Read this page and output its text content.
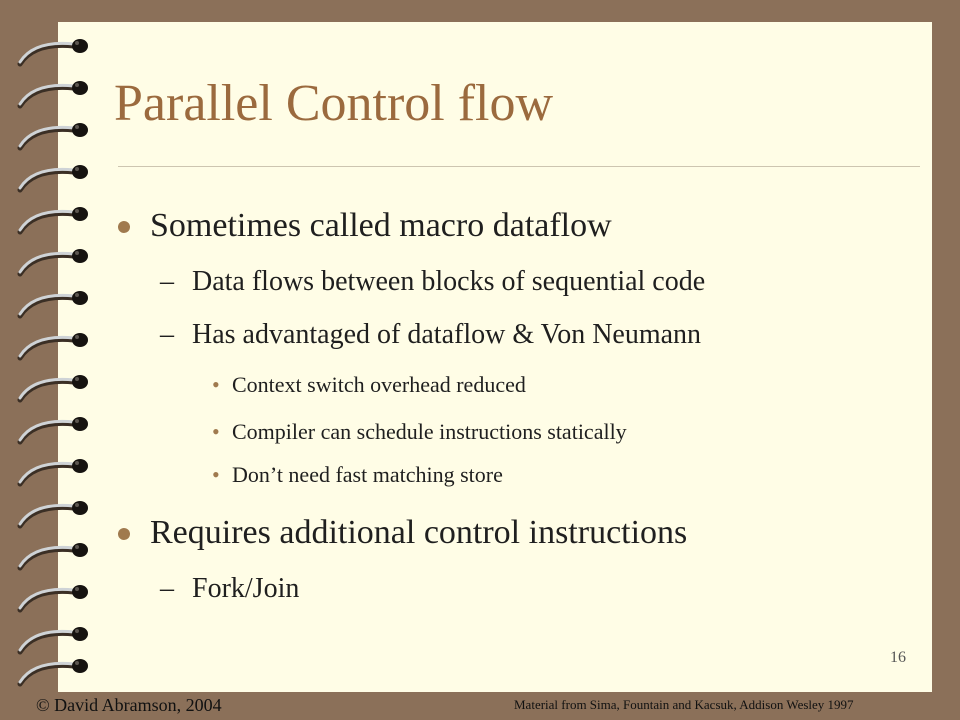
Parallel Control flow
Sometimes called macro dataflow
– Data flows between blocks of sequential code
– Has advantaged of dataflow & Von Neumann
• Context switch overhead reduced
• Compiler can schedule instructions statically
• Don’t need fast matching store
Requires additional control instructions
– Fork/Join
16
© David Abramson, 2004	Material from Sima, Fountain and Kacsuk, Addison Wesley 1997
